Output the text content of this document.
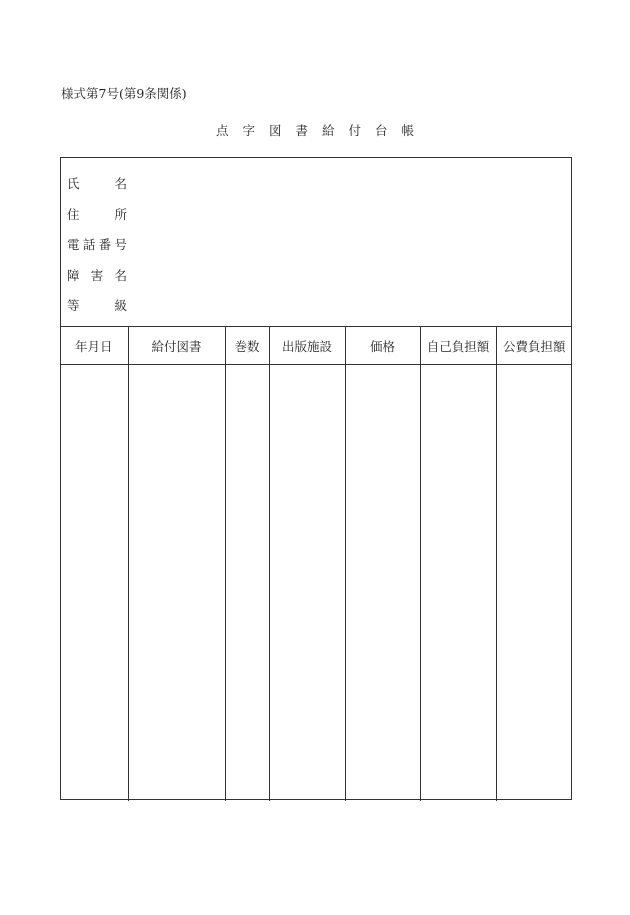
様式第7号(第9条関係)
点字図書給付台帳
氏	名
住	所
電 話 番 号
障 害 名
等	級
年月日	給付図書	巻数	出版施設	価格	自己負担額	公費負担額
